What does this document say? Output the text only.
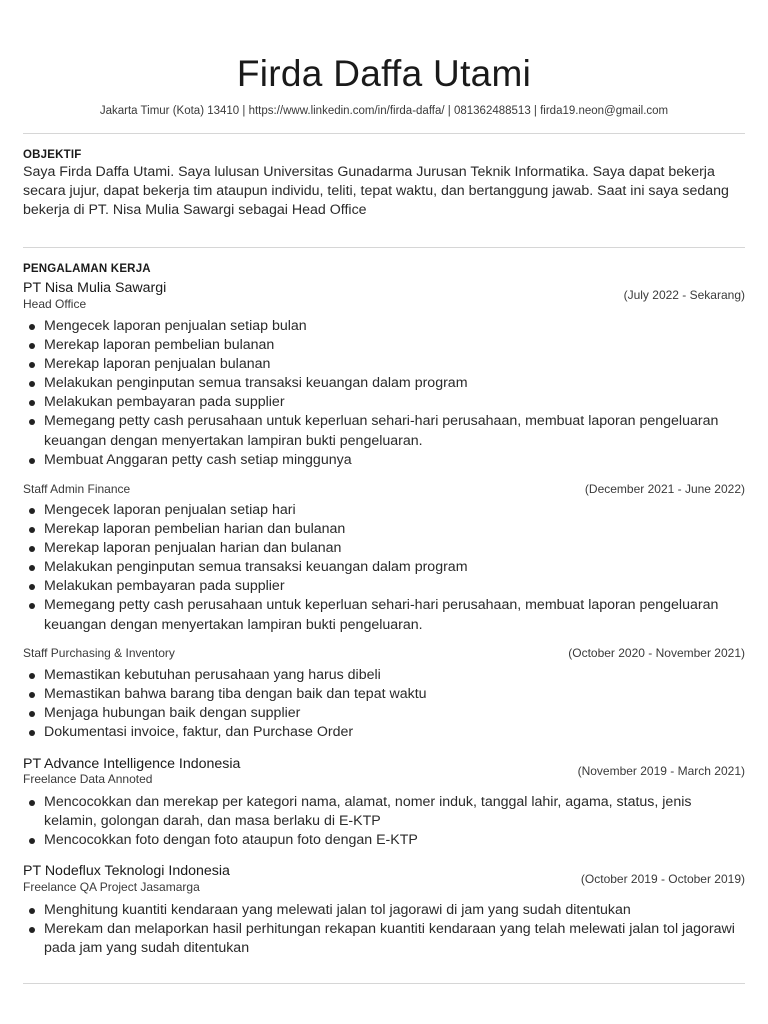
Firda Daffa Utami
Jakarta Timur (Kota) 13410 | https://www.linkedin.com/in/firda-daffa/ | 081362488513 | firda19.neon@gmail.com
OBJEKTIF
Saya Firda Daffa Utami. Saya lulusan Universitas Gunadarma Jurusan Teknik Informatika. Saya dapat bekerja secara jujur, dapat bekerja tim ataupun individu, teliti, tepat waktu, dan bertanggung jawab. Saat ini saya sedang bekerja di PT. Nisa Mulia Sawargi sebagai Head Office
PENGALAMAN KERJA
PT Nisa Mulia Sawargi
Head Office
(July 2022 - Sekarang)
Mengecek laporan penjualan setiap bulan
Merekap laporan pembelian bulanan
Merekap laporan penjualan bulanan
Melakukan penginputan semua transaksi keuangan dalam program
Melakukan pembayaran pada supplier
Memegang petty cash perusahaan untuk keperluan sehari-hari perusahaan, membuat laporan pengeluaran keuangan dengan menyertakan lampiran bukti pengeluaran.
Membuat Anggaran petty cash setiap minggunya
Staff Admin Finance	(December 2021 - June 2022)
Mengecek laporan penjualan setiap hari
Merekap laporan pembelian harian dan bulanan
Merekap laporan penjualan harian dan bulanan
Melakukan penginputan semua transaksi keuangan dalam program
Melakukan pembayaran pada supplier
Memegang petty cash perusahaan untuk keperluan sehari-hari perusahaan, membuat laporan pengeluaran keuangan dengan menyertakan lampiran bukti pengeluaran.
Staff Purchasing & Inventory	(October 2020 - November 2021)
Memastikan kebutuhan perusahaan yang harus dibeli
Memastikan bahwa barang tiba dengan baik dan tepat waktu
Menjaga hubungan baik dengan supplier
Dokumentasi invoice, faktur, dan Purchase Order
PT Advance Intelligence Indonesia
Freelance Data Annoted
(November 2019 - March 2021)
Mencocokkan dan merekap per kategori nama, alamat, nomer induk, tanggal lahir, agama, status, jenis kelamin, golongan darah, dan masa berlaku di E-KTP
Mencocokkan foto dengan foto ataupun foto dengan E-KTP
PT Nodeflux Teknologi Indonesia
Freelance QA Project Jasamarga
(October 2019 - October 2019)
Menghitung kuantiti kendaraan yang melewati jalan tol jagorawi di jam yang sudah ditentukan
Merekam dan melaporkan hasil perhitungan rekapan kuantiti kendaraan yang telah melewati jalan tol jagorawi pada jam yang sudah ditentukan
